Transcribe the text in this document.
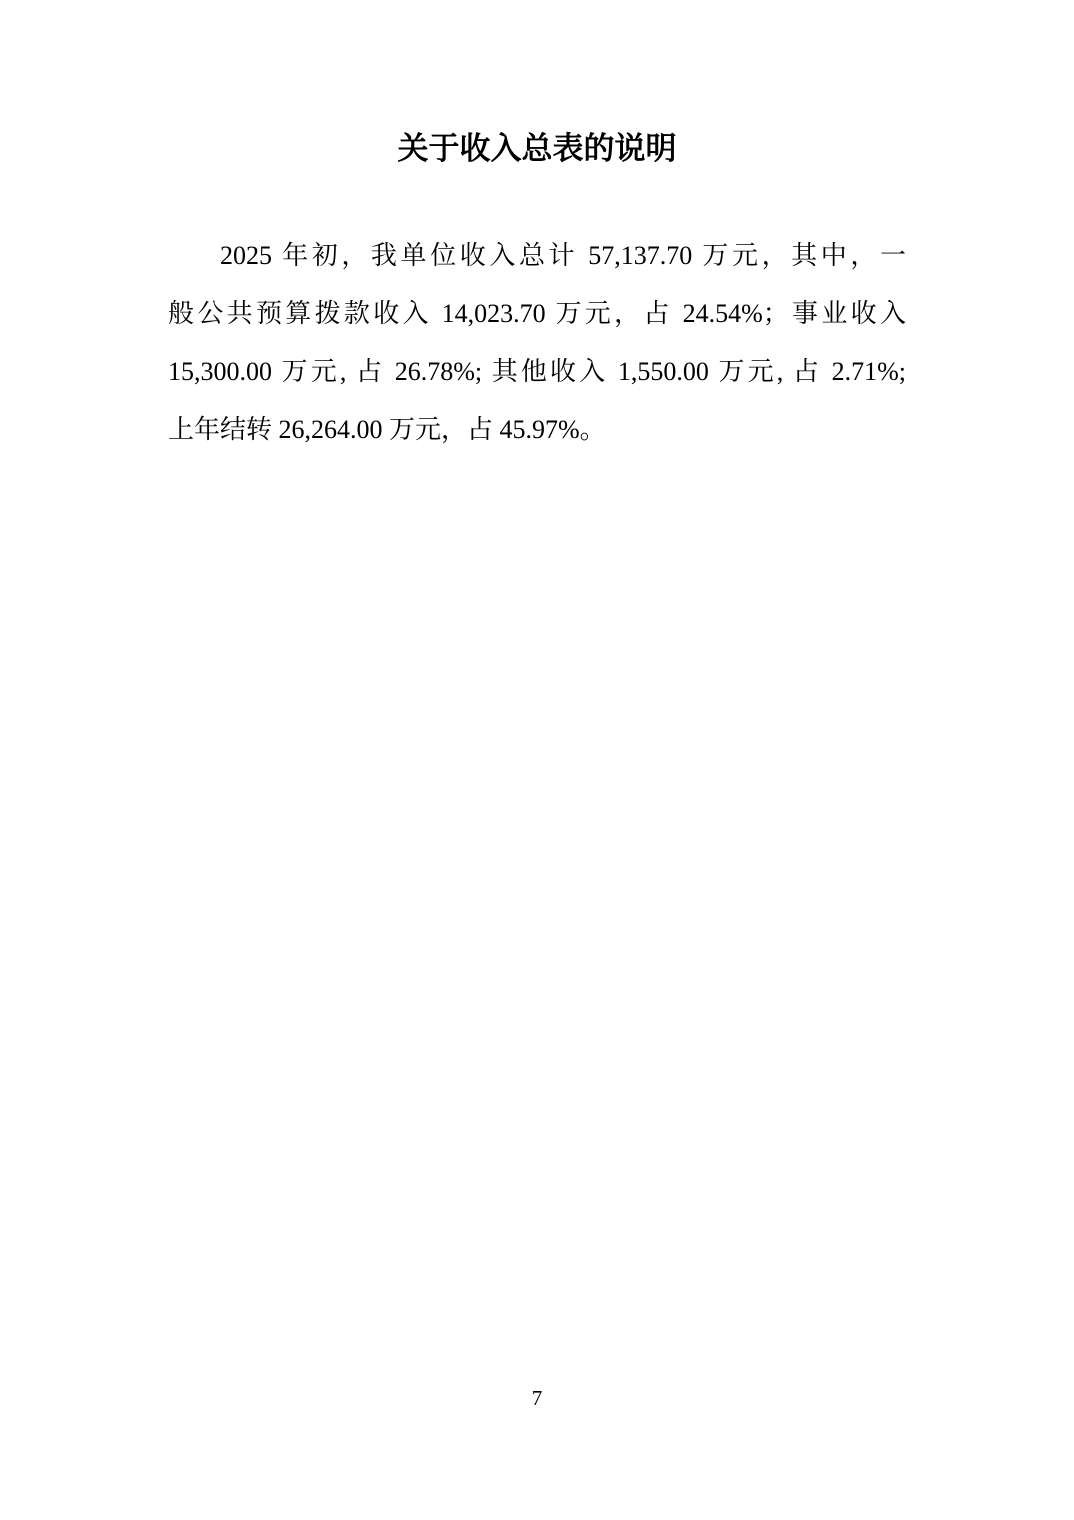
关于收入总表的说明

2025 年初，我单位收入总计 57,137.70 万元，其中，一

般公共预算拨款收入 14,023.70 万元，占 24.54%；事业收入

15,300.00 万元, 占 26.78%; 其他收入 1,550.00 万元, 占 2.71%;

上年结转 26,264.00 万元，占 45.97%。

7
